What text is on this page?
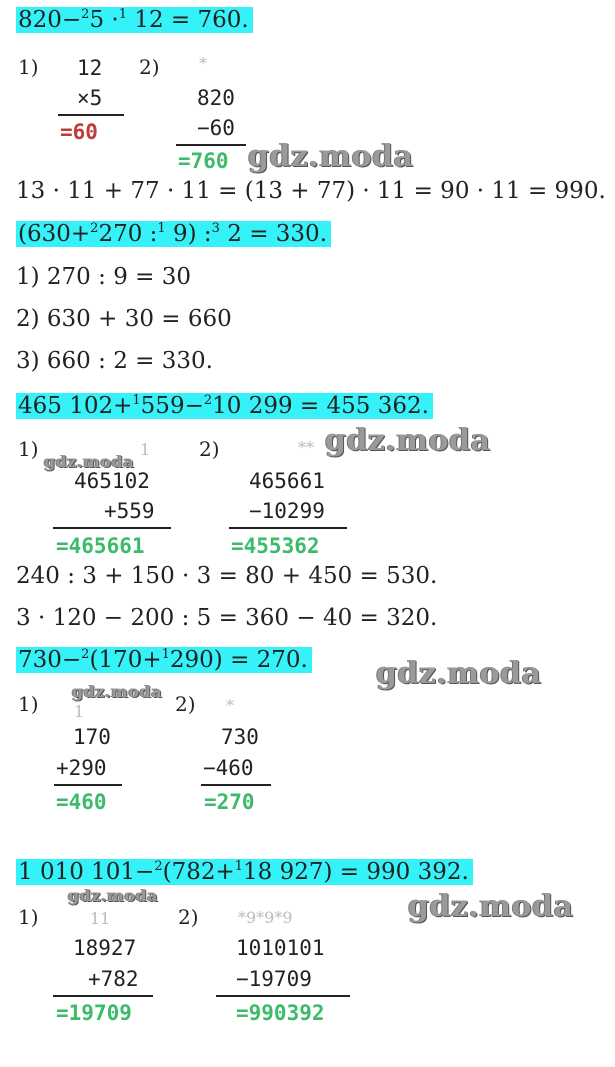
820−$^2$5 ·$^1$ 12 = 760.
1) 12
×5
=60
2) *
820
−60
=760 gdz.moda
13 · 11 + 77 · 11 = (13 + 77) · 11 = 90 · 11 = 990.
(630+$^2$270 :$^1$ 9) :$^3$ 2 = 330.
1) 270 : 9 = 30
2) 630 + 30 = 660
3) 660 : 2 = 330.
465 102+$^1$559−$^2$10 299 = 455 362.
1)
gdz.moda
1
465102
+559
=465661
2)	** gdz.moda
465661
−10299
=455362
240 : 3 + 150 · 3 = 80 + 450 = 530.
3 · 120 − 200 : 5 = 360 − 40 = 320.
730−$^2$(170+$^1$290) = 270. gdz.moda
1)
gdz.moda
1
170
+290
=460
2) *
730
−460
=270
1 010 101−$^2$(782+$^1$18 927) = 990 392.
1)
gdz.moda
11
18927
+782
=19709
2) *9*9*9	gdz.moda
1010101
−19709
=990392
